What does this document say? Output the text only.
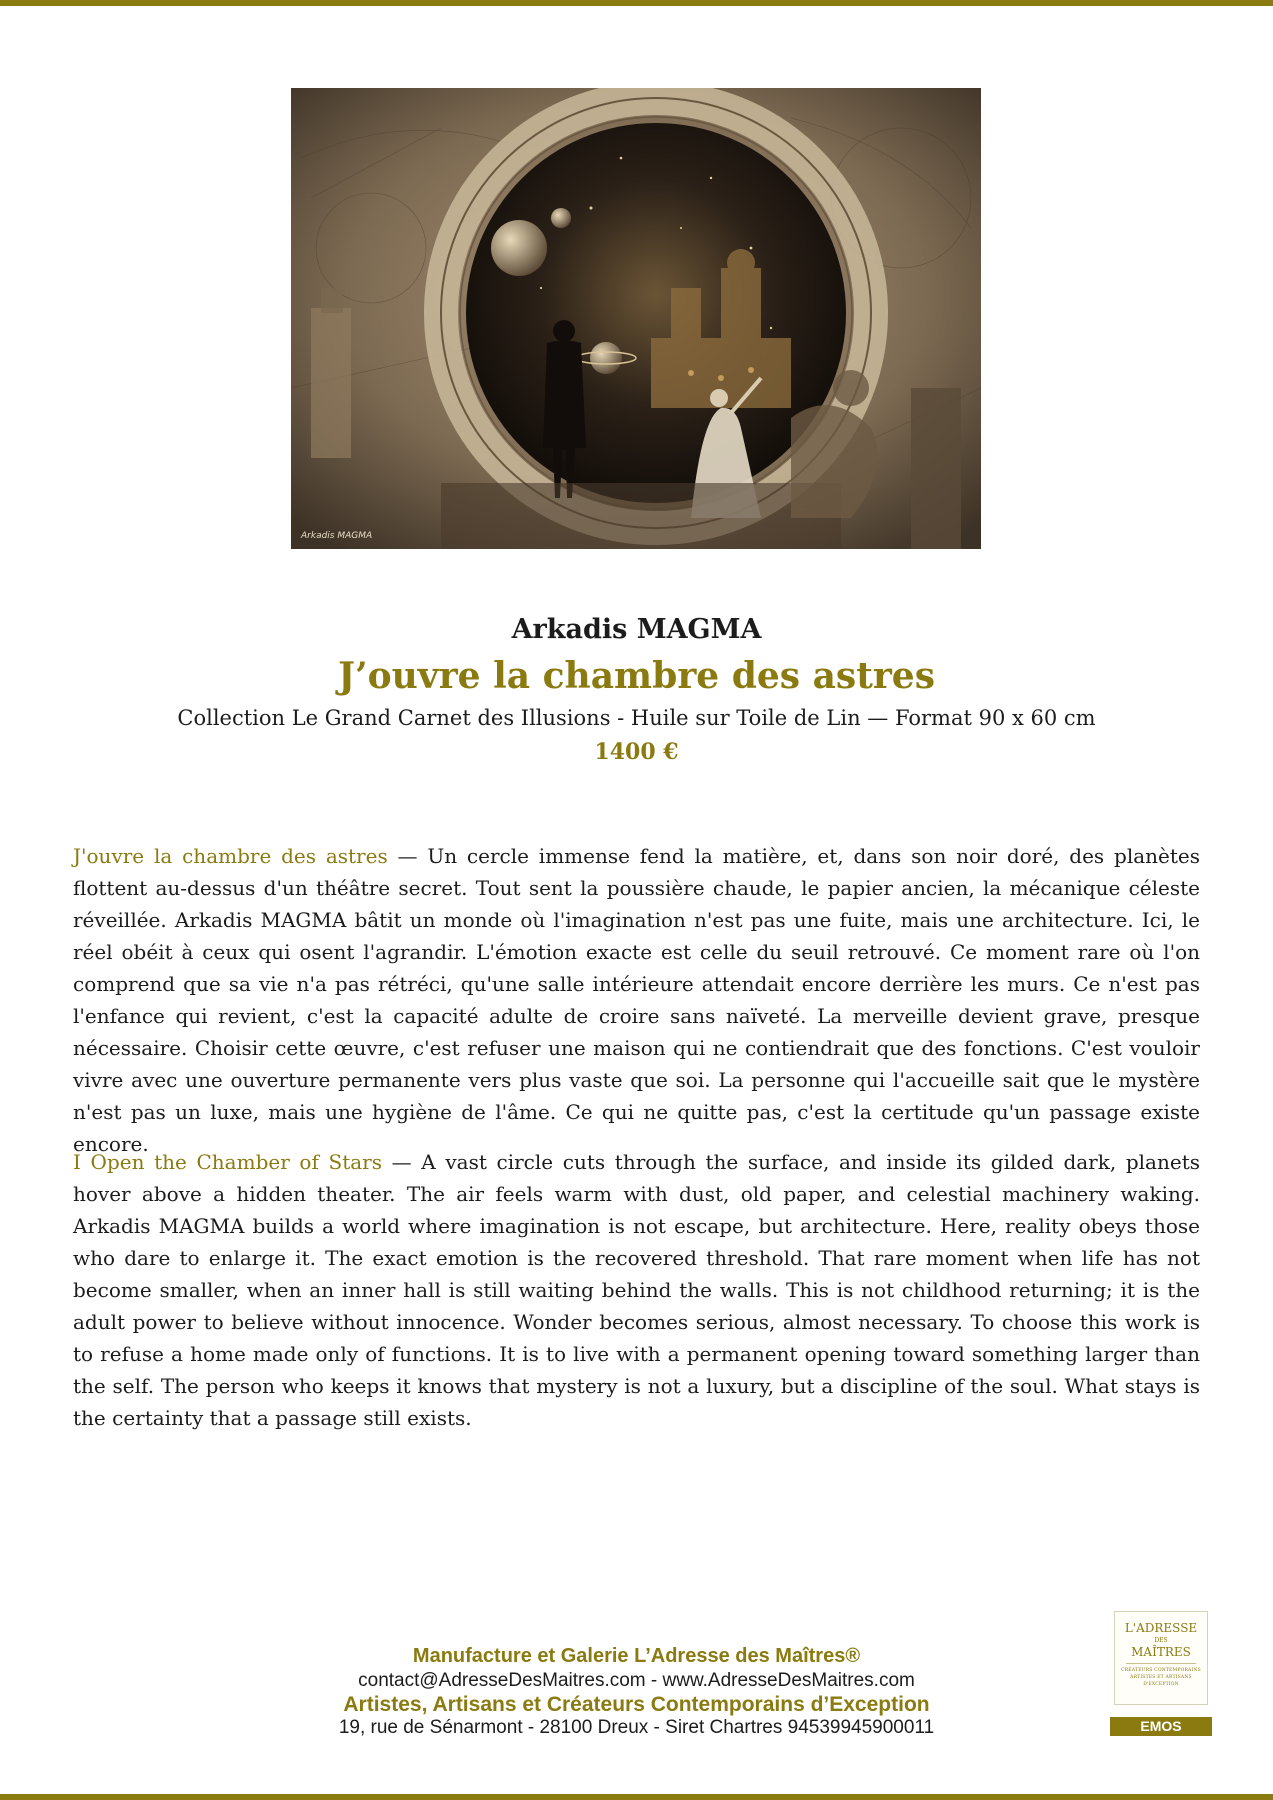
Arkadis MAGMA
Arkadis MAGMA
J’ouvre la chambre des astres
Collection Le Grand Carnet des Illusions - Huile sur Toile de Lin — Format 90 x 60 cm
1400 €
J'ouvre la chambre des astres — Un cercle immense fend la matière, et, dans son noir doré, des planètes flottent au-dessus d'un théâtre secret. Tout sent la poussière chaude, le papier ancien, la mécanique céleste réveillée. Arkadis MAGMA bâtit un monde où l'imagination n'est pas une fuite, mais une architecture. Ici, le réel obéit à ceux qui osent l'agrandir. L'émotion exacte est celle du seuil retrouvé. Ce moment rare où l'on comprend que sa vie n'a pas rétréci, qu'une salle intérieure attendait encore derrière les murs. Ce n'est pas l'enfance qui revient, c'est la capacité adulte de croire sans naïveté. La merveille devient grave, presque nécessaire. Choisir cette œuvre, c'est refuser une maison qui ne contiendrait que des fonctions. C'est vouloir vivre avec une ouverture permanente vers plus vaste que soi. La personne qui l'accueille sait que le mystère n'est pas un luxe, mais une hygiène de l'âme. Ce qui ne quitte pas, c'est la certitude qu'un passage existe encore.
I Open the Chamber of Stars — A vast circle cuts through the surface, and inside its gilded dark, planets hover above a hidden theater. The air feels warm with dust, old paper, and celestial machinery waking. Arkadis MAGMA builds a world where imagination is not escape, but architecture. Here, reality obeys those who dare to enlarge it. The exact emotion is the recovered threshold. That rare moment when life has not become smaller, when an inner hall is still waiting behind the walls. This is not childhood returning; it is the adult power to believe without innocence. Wonder becomes serious, almost necessary. To choose this work is to refuse a home made only of functions. It is to live with a permanent opening toward something larger than the self. The person who keeps it knows that mystery is not a luxury, but a discipline of the soul. What stays is the certainty that a passage still exists.
Manufacture et Galerie L’Adresse des Maîtres®
contact@AdresseDesMaitres.com - www.AdresseDesMaitres.com
Artistes, Artisans et Créateurs Contemporains d’Exception
19, rue de Sénarmont - 28100 Dreux - Siret Chartres 94539945900011
L'ADRESSE
DES
MAÎTRES
CRÉATEURS CONTEMPORAINS ARTISTES ET ARTISANS D'EXCEPTION
EMOS
